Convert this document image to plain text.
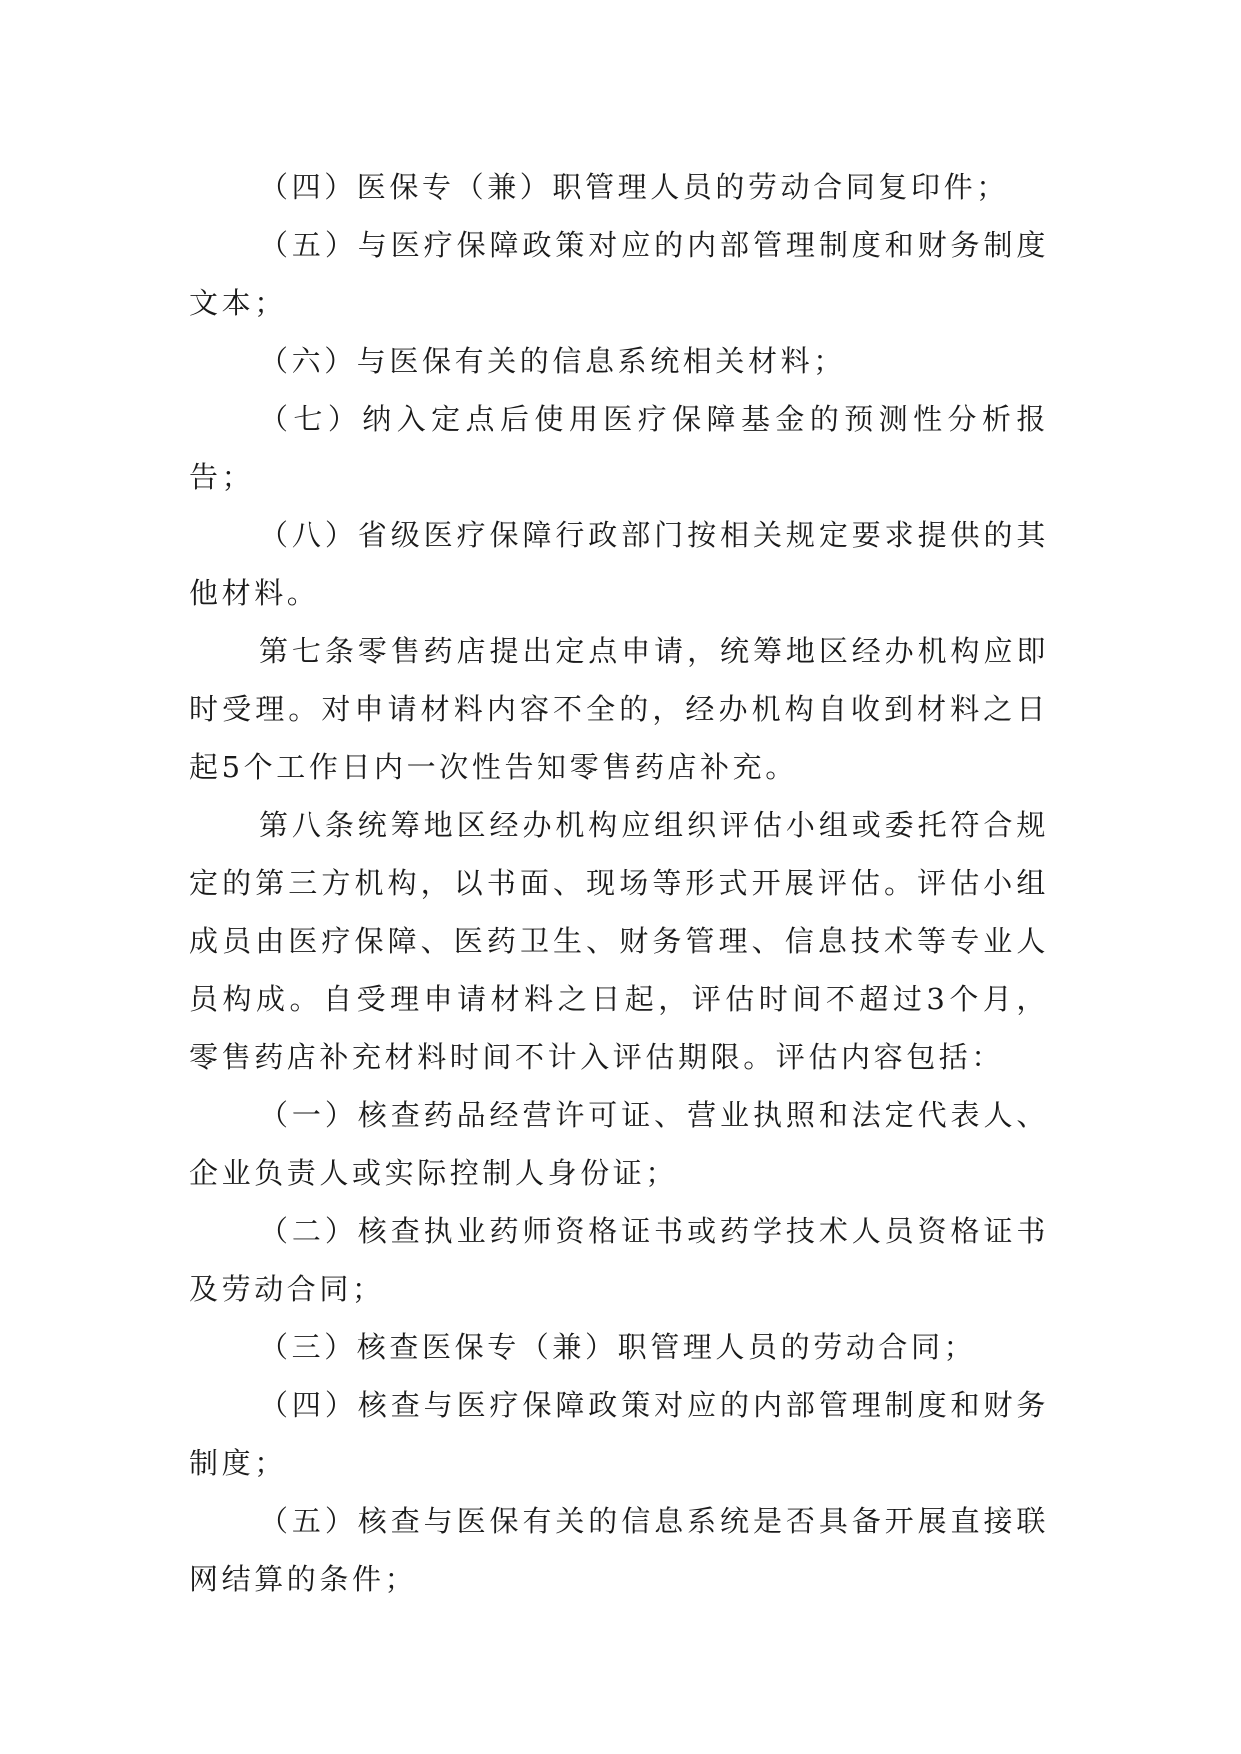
（四）医保专（兼）职管理人员的劳动合同复印件；

（五）与医疗保障政策对应的内部管理制度和财务制度文本；

（六）与医保有关的信息系统相关材料；

（七）纳入定点后使用医疗保障基金的预测性分析报告；

（八）省级医疗保障行政部门按相关规定要求提供的其他材料。

第七条零售药店提出定点申请，统筹地区经办机构应即时受理。对申请材料内容不全的，经办机构自收到材料之日起5个工作日内一次性告知零售药店补充。

第八条统筹地区经办机构应组织评估小组或委托符合规定的第三方机构，以书面、现场等形式开展评估。评估小组成员由医疗保障、医药卫生、财务管理、信息技术等专业人员构成。自受理申请材料之日起，评估时间不超过3个月，零售药店补充材料时间不计入评估期限。评估内容包括：

（一）核查药品经营许可证、营业执照和法定代表人、企业负责人或实际控制人身份证；

（二）核查执业药师资格证书或药学技术人员资格证书及劳动合同；

（三）核查医保专（兼）职管理人员的劳动合同；

（四）核查与医疗保障政策对应的内部管理制度和财务制度；

（五）核查与医保有关的信息系统是否具备开展直接联网结算的条件；
